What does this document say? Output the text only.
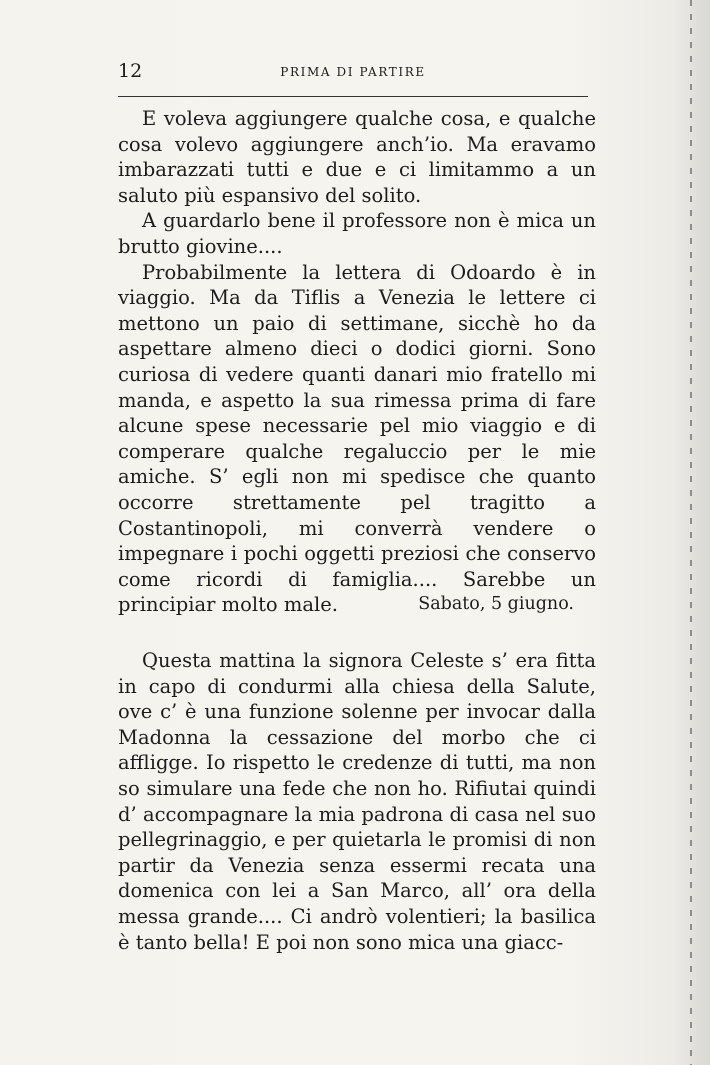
12	PRIMA DI PARTIRE

E voleva aggiungere qualche cosa, e qualche cosa volevo aggiungere anch’io. Ma eravamo imbarazzati tutti e due e ci limitammo a un saluto più espansivo del solito.

A guardarlo bene il professore non è mica un brutto giovine....

Probabilmente la lettera di Odoardo è in viaggio. Ma da Tiflis a Venezia le lettere ci mettono un paio di settimane, sicchè ho da aspettare almeno dieci o dodici giorni. Sono curiosa di vedere quanti danari mio fratello mi manda, e aspetto la sua rimessa prima di fare alcune spese necessarie pel mio viaggio e di comperare qualche regaluccio per le mie amiche. S’ egli non mi spedisce che quanto occorre strettamente pel tragitto a Costantinopoli, mi converrà vendere o impegnare i pochi oggetti preziosi che conservo come ricordi di famiglia.... Sarebbe un principiar molto male.	Sabato, 5 giugno.

Questa mattina la signora Celeste s’ era fitta in capo di condurmi alla chiesa della Salute, ove c’ è una funzione solenne per invocar dalla Madonna la cessazione del morbo che ci affligge. Io rispetto le credenze di tutti, ma non so simulare una fede che non ho. Rifiutai quindi d’ accompagnare la mia padrona di casa nel suo pellegrinaggio, e per quietarla le promisi di non partir da Venezia senza essermi recata una domenica con lei a San Marco, all’ ora della messa grande.... Ci andrò volentieri; la basilica è tanto bella! E poi non sono mica una giacc-
